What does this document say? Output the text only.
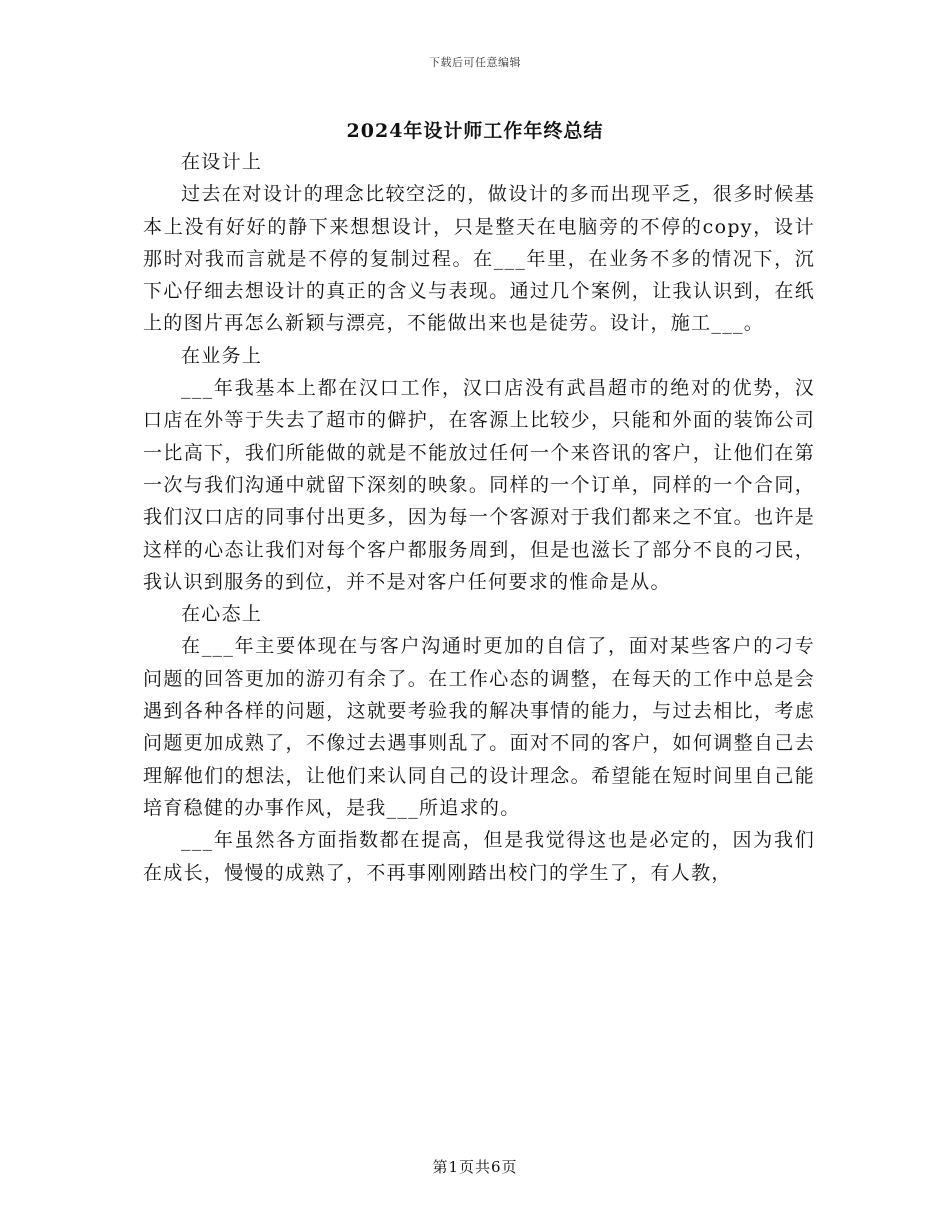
下载后可任意编辑
2024年设计师工作年终总结

在设计上

过去在对设计的理念比较空泛的，做设计的多而出现平乏，很多时候基本上没有好好的静下来想想设计，只是整天在电脑旁的不停的copy，设计那时对我而言就是不停的复制过程。在___年里，在业务不多的情况下，沉下心仔细去想设计的真正的含义与表现。通过几个案例，让我认识到，在纸上的图片再怎么新颖与漂亮，不能做出来也是徒劳。设计，施工___。

在业务上

___年我基本上都在汉口工作，汉口店没有武昌超市的绝对的优势，汉口店在外等于失去了超市的僻护，在客源上比较少，只能和外面的装饰公司一比高下，我们所能做的就是不能放过任何一个来咨讯的客户，让他们在第一次与我们沟通中就留下深刻的映象。同样的一个订单，同样的一个合同，我们汉口店的同事付出更多，因为每一个客源对于我们都来之不宜。也许是这样的心态让我们对每个客户都服务周到，但是也滋长了部分不良的刁民，我认识到服务的到位，并不是对客户任何要求的惟命是从。

在心态上

在___年主要体现在与客户沟通时更加的自信了，面对某些客户的刁专问题的回答更加的游刃有余了。在工作心态的调整，在每天的工作中总是会遇到各种各样的问题，这就要考验我的解决事情的能力，与过去相比，考虑问题更加成熟了，不像过去遇事则乱了。面对不同的客户，如何调整自己去理解他们的想法，让他们来认同自己的设计理念。希望能在短时间里自己能培育稳健的办事作风，是我___所追求的。

___年虽然各方面指数都在提高，但是我觉得这也是必定的，因为我们在成长，慢慢的成熟了，不再事刚刚踏出校门的学生了，有人教，

第1页共6页
